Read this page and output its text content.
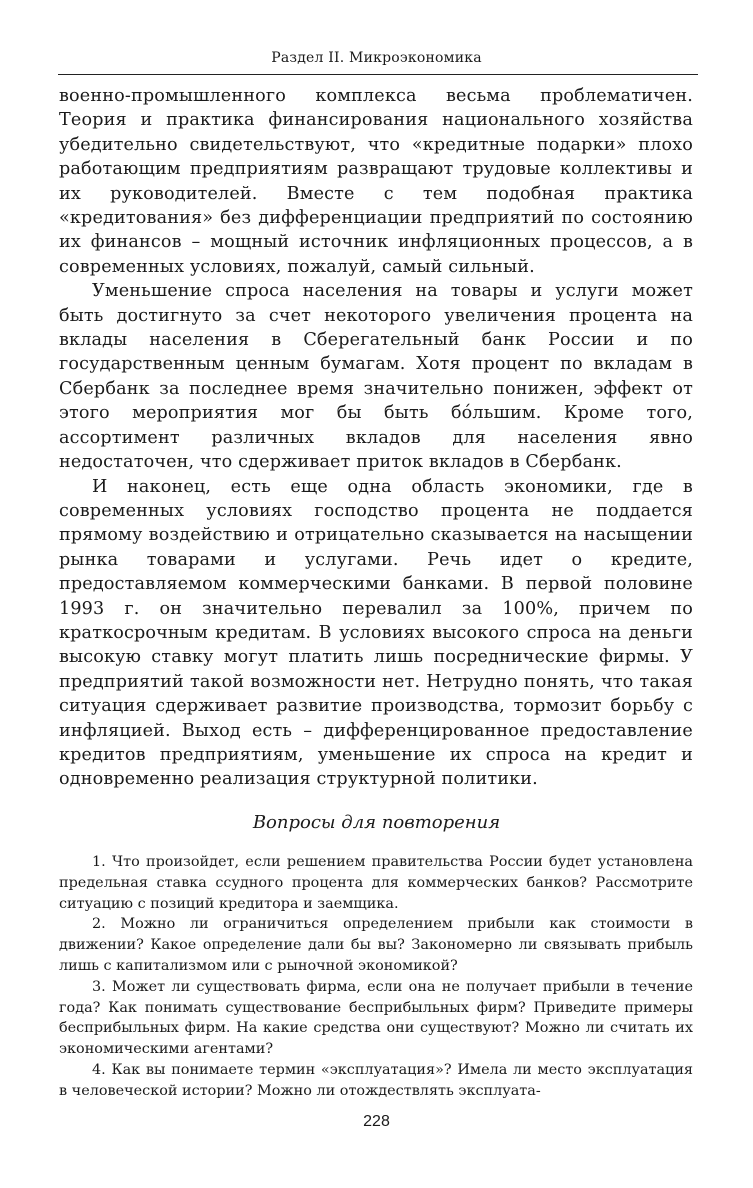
Раздел II. Микроэкономика

военно-промышленного комплекса весьма проблематичен. Теория и практика финансирования национального хозяйства убедительно свидетельствуют, что «кредитные подарки» плохо работающим предприятиям развращают трудовые коллективы и их руководителей. Вместе с тем подобная практика «кредитования» без дифференциации предприятий по состоянию их финансов – мощный источник инфляционных процессов, а в современных условиях, пожалуй, самый сильный.

Уменьшение спроса населения на товары и услуги может быть достигнуто за счет некоторого увеличения процента на вклады населения в Сберегательный банк России и по государственным ценным бумагам. Хотя процент по вкладам в Сбербанк за последнее время значительно понижен, эффект от этого мероприятия мог бы быть бóльшим. Кроме того, ассортимент различных вкладов для населения явно недостаточен, что сдерживает приток вкладов в Сбербанк.

И наконец, есть еще одна область экономики, где в современных условиях господство процента не поддается прямому воздействию и отрицательно сказывается на насыщении рынка товарами и услугами. Речь идет о кредите, предоставляемом коммерческими банками. В первой половине 1993 г. он значительно перевалил за 100%, причем по краткосрочным кредитам. В условиях высокого спроса на деньги высокую ставку могут платить лишь посреднические фирмы. У предприятий такой возможности нет. Нетрудно понять, что такая ситуация сдерживает развитие производства, тормозит борьбу с инфляцией. Выход есть – дифференцированное предоставление кредитов предприятиям, уменьшение их спроса на кредит и одновременно реализация структурной политики.

Вопросы для повторения

1. Что произойдет, если решением правительства России будет установлена предельная ставка ссудного процента для коммерческих банков? Рассмотрите ситуацию с позиций кредитора и заемщика.

2. Можно ли ограничиться определением прибыли как стоимости в движении? Какое определение дали бы вы? Закономерно ли связывать прибыль лишь с капитализмом или с рыночной экономикой?

3. Может ли существовать фирма, если она не получает прибыли в течение года? Как понимать существование бесприбыльных фирм? Приведите примеры бесприбыльных фирм. На какие средства они существуют? Можно ли считать их экономическими агентами?

4. Как вы понимаете термин «эксплуатация»? Имела ли место эксплуатация в человеческой истории? Можно ли отождествлять эксплуата-

228
